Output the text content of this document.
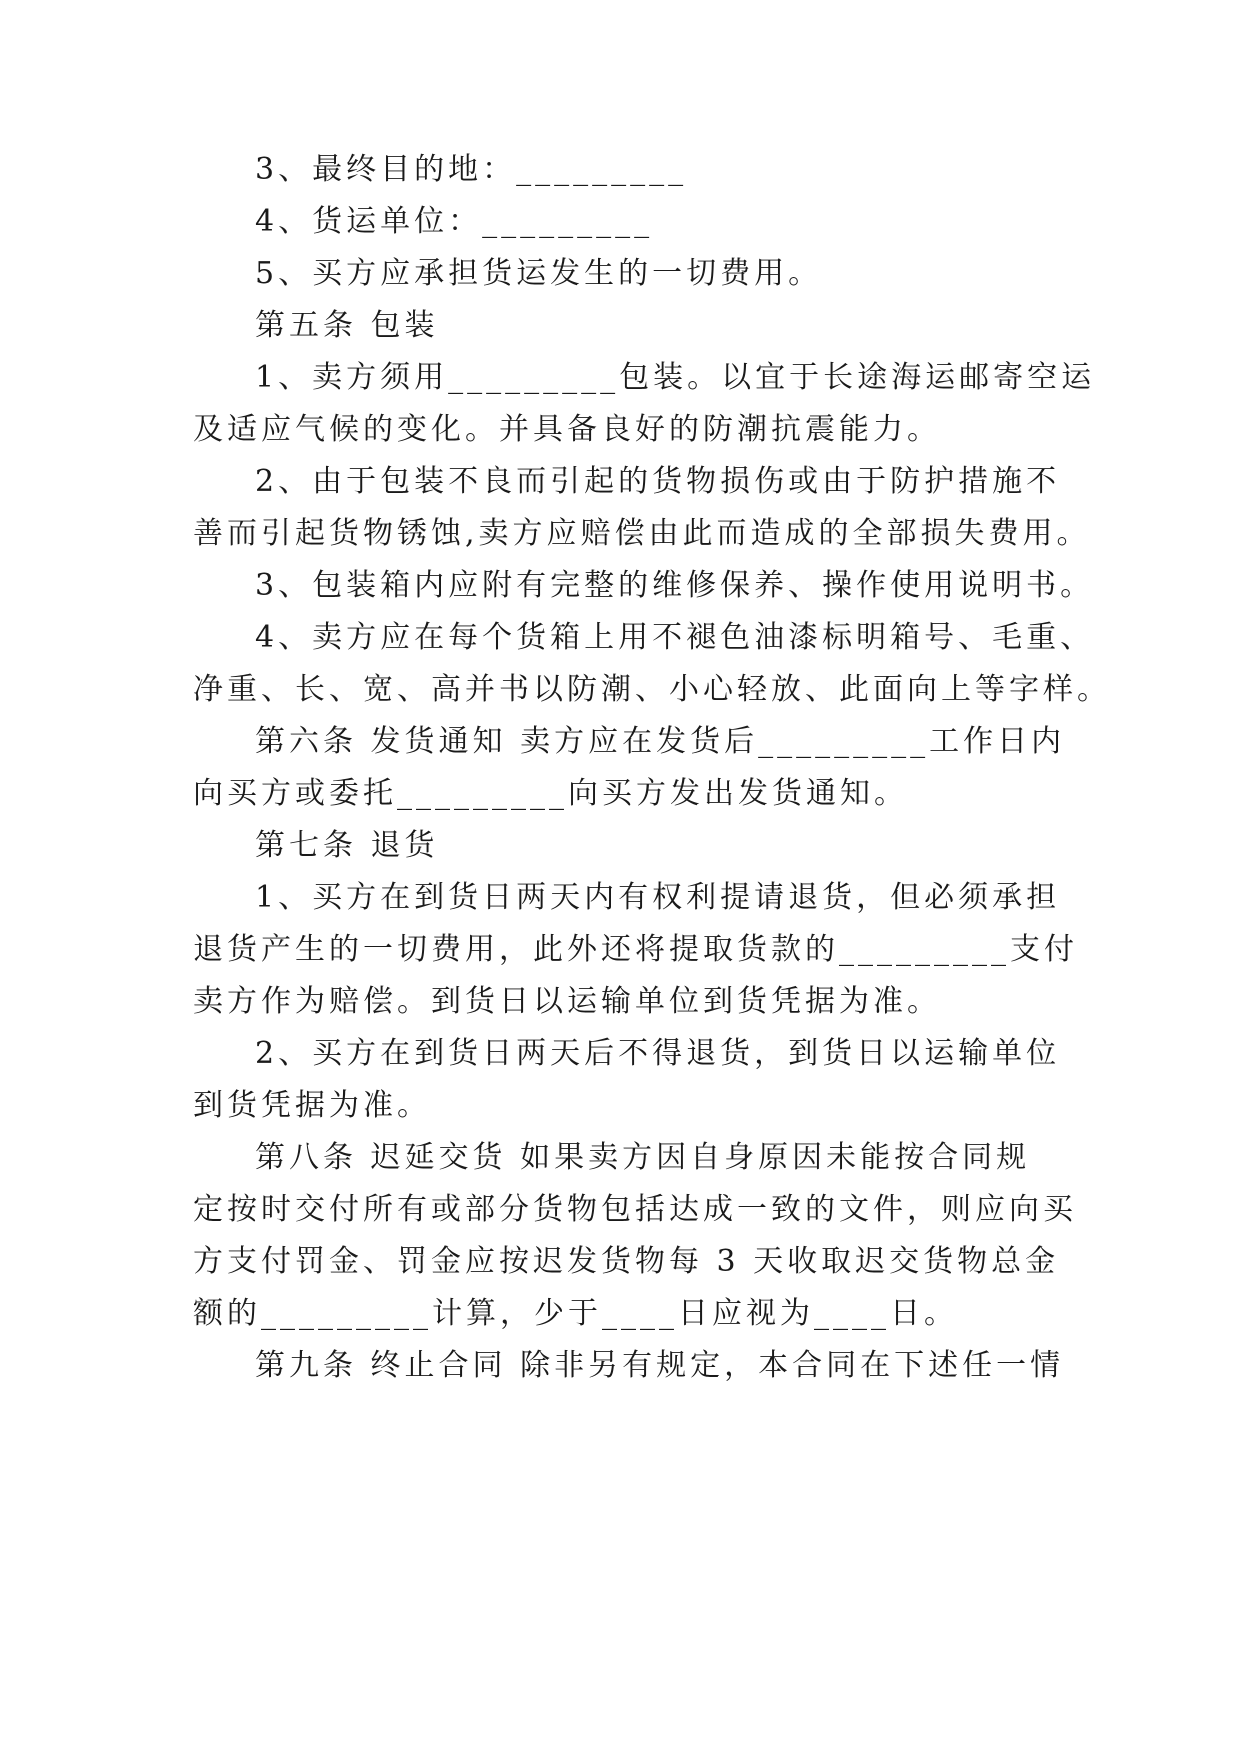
3、最终目的地：_________
4、货运单位：_________
5、买方应承担货运发生的一切费用。
第五条 包装
1、卖方须用_________包装。以宜于长途海运邮寄空运
及适应气候的变化。并具备良好的防潮抗震能力。
2、由于包装不良而引起的货物损伤或由于防护措施不
善而引起货物锈蚀,卖方应赔偿由此而造成的全部损失费用。
3、包装箱内应附有完整的维修保养、操作使用说明书。
4、卖方应在每个货箱上用不褪色油漆标明箱号、毛重、
净重、长、宽、高并书以防潮、小心轻放、此面向上等字样。
第六条 发货通知 卖方应在发货后_________工作日内
向买方或委托_________向买方发出发货通知。
第七条 退货
1、买方在到货日两天内有权利提请退货，但必须承担
退货产生的一切费用，此外还将提取货款的_________支付
卖方作为赔偿。到货日以运输单位到货凭据为准。
2、买方在到货日两天后不得退货，到货日以运输单位
到货凭据为准。
第八条 迟延交货 如果卖方因自身原因未能按合同规
定按时交付所有或部分货物包括达成一致的文件，则应向买
方支付罚金、罚金应按迟发货物每 3 天收取迟交货物总金
额的_________计算，少于____日应视为____日。
第九条 终止合同 除非另有规定，本合同在下述任一情
